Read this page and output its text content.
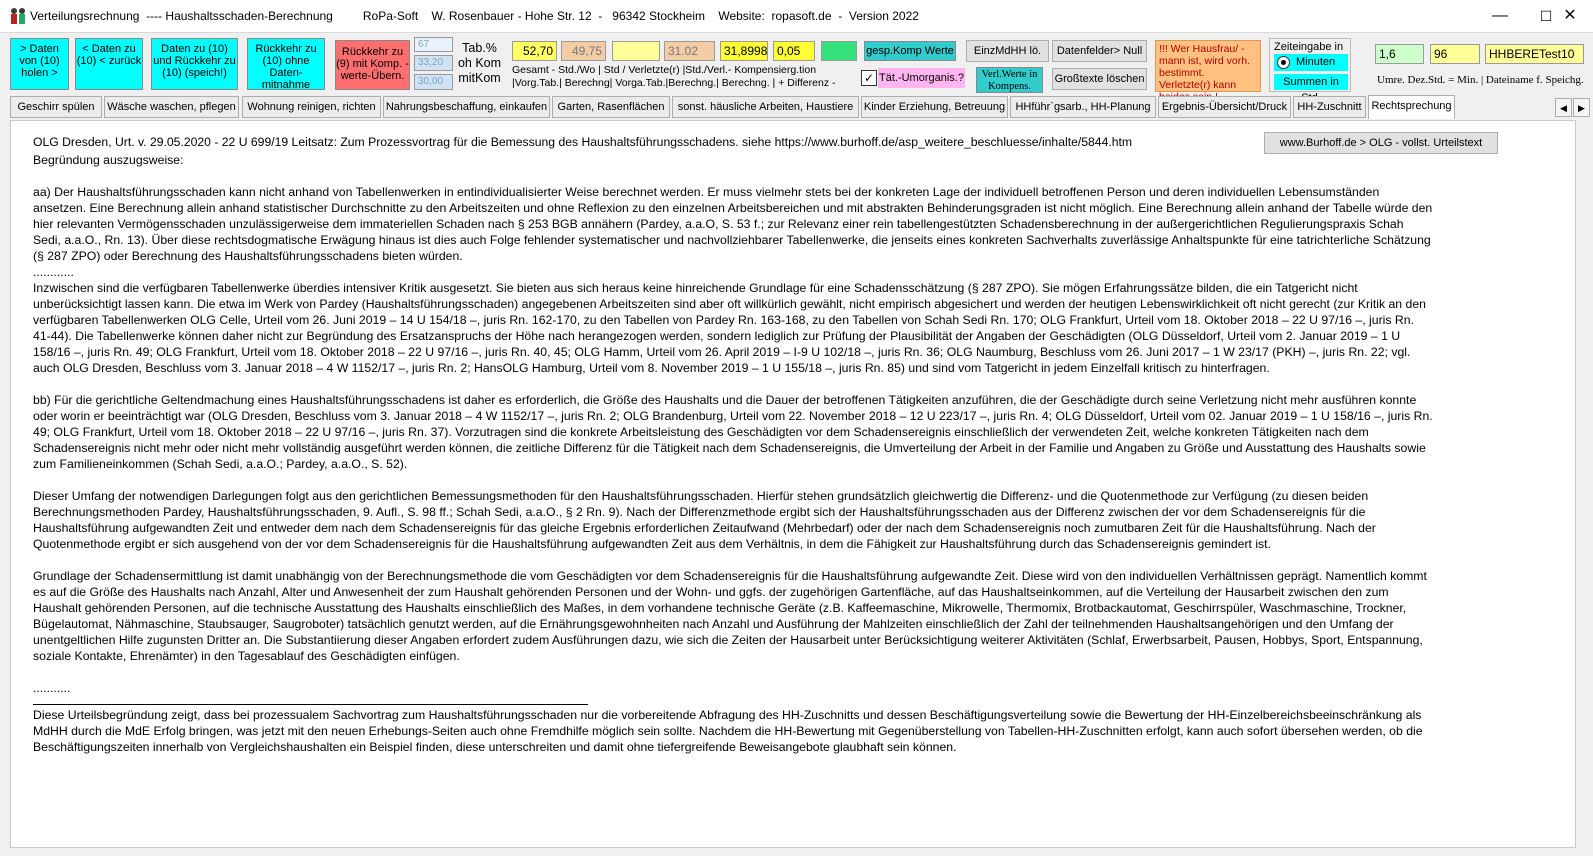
Verteilungsrechnung  ---- Haushaltsschaden-Berechnung         RoPa-Soft    W. Rosenbauer - Hohe Str. 12  -   96342 Stockheim    Website:  ropasoft.de  -  Version 2022	—	☐ ✕
> Daten von (10) holen >
< Daten zu (10) < zurück
Daten zu (10) und Rückkehr zu (10) (speich!)
Rückkehr zu (10) ohne Daten-mitnahme
Rückkehr zu (9) mit Komp. -werte-Übern.
67
33,20
30,00
Tab.% oh Kom mitKom
52,70	49,75	31.02	31,8998 0,05
Gesamt - Std./Wo | Std / Verletzte(r) |Std./Verl.- Kompensierg.tion
|Vorg.Tab.| Berechng| Vorga.Tab.|Berechng.| Berechng. | + Differenz -
gesp.Komp Werte
✓ Tät.-Umorganis.?
EinzMdHH lö.
Verl.Werte in Kompens.
Datenfelder> Null
Großtexte löschen
!!! Wer Hausfrau/ -mann ist, wird vorh. bestimmt. Verletzte(r) kann
Zeiteingabe in
Minuten
Summen in
1,6	96	HHBERETest10
Umre. Dez.Std. = Min. | Dateiname f. Speichg.
Geschirr spülen	Wäsche waschen, pflegen	Wohnung reinigen, richten Nahrungsbeschaffung, einkaufen Garten, Rasenflächen	sonst. häusliche Arbeiten, Haustiere Kinder Erziehung, Betreuung HHführ`gsarb., HH-Planung	Ergebnis-Übersicht/Druck HH-Zuschnitt Rechtsprechung	◀	▶
OLG Dresden, Urt. v. 29.05.2020 - 22 U 699/19 Leitsatz: Zum Prozessvortrag für die Bemessung des Haushaltsführungsschadens. siehe https://www.burhoff.de/asp_weitere_beschluesse/inhalte/5844.htm	www.Burhoff.de > OLG - vollst. Urteilstext

Begründung auszugsweise:

aa) Der Haushaltsführungsschaden kann nicht anhand von Tabellenwerken in entindividualisierter Weise berechnet werden. Er muss vielmehr stets bei der konkreten Lage der individuell betroffenen Person und deren individuellen Lebensumständen ansetzen. Eine Berechnung allein anhand statistischer Durchschnitte zu den Arbeitszeiten und ohne Reflexion zu den einzelnen Arbeitsbereichen und mit abstrakten Behinderungsgraden ist nicht möglich. Eine Berechnung allein anhand der Tabelle würde den hier relevanten Vermögensschaden unzulässigerweise dem immateriellen Schaden nach § 253 BGB annähern (Pardey, a.a.O, S. 53 f.; zur Relevanz einer rein tabellengestützten Schadensberechnung in der außergerichtlichen Regulierungspraxis Schah Sedi, a.a.O., Rn. 13). Über diese rechtsdogmatische Erwägung hinaus ist dies auch Folge fehlender systematischer und nachvollziehbarer Tabellenwerke, die jenseits eines konkreten Sachverhalts zuverlässige Anhaltspunkte für eine tatrichterliche Schätzung (§ 287 ZPO) oder Berechnung des Haushaltsführungsschadens bieten würden.

............

Inzwischen sind die verfügbaren Tabellenwerke überdies intensiver Kritik ausgesetzt. Sie bieten aus sich heraus keine hinreichende Grundlage für eine Schadensschätzung (§ 287 ZPO). Sie mögen Erfahrungssätze bilden, die ein Tatgericht nicht unberücksichtigt lassen kann. Die etwa im Werk von Pardey (Haushaltsführungsschaden) angegebenen Arbeitszeiten sind aber oft willkürlich gewählt, nicht empirisch abgesichert und werden der heutigen Lebenswirklichkeit oft nicht gerecht (zur Kritik an den verfügbaren Tabellenwerken OLG Celle, Urteil vom 26. Juni 2019 – 14 U 154/18 –, juris Rn. 162-170, zu den Tabellen von Pardey Rn. 163-168, zu den Tabellen von Schah Sedi Rn. 170; OLG Frankfurt, Urteil vom 18. Oktober 2018 – 22 U 97/16 –, juris Rn. 41-44). Die Tabellenwerke können daher nicht zur Begründung des Ersatzanspruchs der Höhe nach herangezogen werden, sondern lediglich zur Prüfung der Plausibilität der Angaben der Geschädigten (OLG Düsseldorf, Urteil vom 2. Januar 2019 – 1 U 158/16 –, juris Rn. 49; OLG Frankfurt, Urteil vom 18. Oktober 2018 – 22 U 97/16 –, juris Rn. 40, 45; OLG Hamm, Urteil vom 26. April 2019 – I-9 U 102/18 –, juris Rn. 36; OLG Naumburg, Beschluss vom 26. Juni 2017 – 1 W 23/17 (PKH) –, juris Rn. 22; vgl. auch OLG Dresden, Beschluss vom 3. Januar 2018 – 4 W 1152/17 –, juris Rn. 2; HansOLG Hamburg, Urteil vom 8. November 2019 – 1 U 155/18 –, juris Rn. 85) und sind vom Tatgericht in jedem Einzelfall kritisch zu hinterfragen.

bb) Für die gerichtliche Geltendmachung eines Haushaltsführungsschadens ist daher es erforderlich, die Größe des Haushalts und die Dauer der betroffenen Tätigkeiten anzuführen, die der Geschädigte durch seine Verletzung nicht mehr ausführen konnte oder worin er beeinträchtigt war (OLG Dresden, Beschluss vom 3. Januar 2018 – 4 W 1152/17 –, juris Rn. 2; OLG Brandenburg, Urteil vom 22. November 2018 – 12 U 223/17 –, juris Rn. 4; OLG Düsseldorf, Urteil vom 02. Januar 2019 – 1 U 158/16 –, juris Rn. 49; OLG Frankfurt, Urteil vom 18. Oktober 2018 – 22 U 97/16 –, juris Rn. 37). Vorzutragen sind die konkrete Arbeitsleistung des Geschädigten vor dem Schadensereignis einschließlich der verwendeten Zeit, welche konkreten Tätigkeiten nach dem Schadensereignis nicht mehr oder nicht mehr vollständig ausgeführt werden können, die zeitliche Differenz für die Tätigkeit nach dem Schadensereignis, die Umverteilung der Arbeit in der Familie und Angaben zu Größe und Ausstattung des Haushalts sowie zum Familieneinkommen (Schah Sedi, a.a.O.; Pardey, a.a.O., S. 52).

Dieser Umfang der notwendigen Darlegungen folgt aus den gerichtlichen Bemessungsmethoden für den Haushaltsführungsschaden. Hierfür stehen grundsätzlich gleichwertig die Differenz- und die Quotenmethode zur Verfügung (zu diesen beiden Berechnungsmethoden Pardey, Haushaltsführungsschaden, 9. Aufl., S. 98 ff.; Schah Sedi, a.a.O., § 2 Rn. 9). Nach der Differenzmethode ergibt sich der Haushaltsführungsschaden aus der Differenz zwischen der vor dem Schadensereignis für die Haushaltsführung aufgewandten Zeit und entweder dem nach dem Schadensereignis für das gleiche Ergebnis erforderlichen Zeitaufwand (Mehrbedarf) oder der nach dem Schadensereignis noch zumutbaren Zeit für die Haushaltsführung. Nach der Quotenmethode ergibt er sich ausgehend von der vor dem Schadensereignis für die Haushaltsführung aufgewandten Zeit aus dem Verhältnis, in dem die Fähigkeit zur Haushaltsführung durch das Schadensereignis gemindert ist.

Grundlage der Schadensermittlung ist damit unabhängig von der Berechnungsmethode die vom Geschädigten vor dem Schadensereignis für die Haushaltsführung aufgewandte Zeit. Diese wird von den individuellen Verhältnissen geprägt. Namentlich kommt es auf die Größe des Haushalts nach Anzahl, Alter und Anwesenheit der zum Haushalt gehörenden Personen und der Wohn- und ggfs. der zugehörigen Gartenfläche, auf das Haushaltseinkommen, auf die Verteilung der Hausarbeit zwischen den zum Haushalt gehörenden Personen, auf die technische Ausstattung des Haushalts einschließlich des Maßes, in dem vorhandene technische Geräte (z.B. Kaffeemaschine, Mikrowelle, Thermomix, Brotbackautomat, Geschirrspüler, Waschmaschine, Trockner, Bügelautomat, Nähmaschine, Staubsauger, Saugroboter) tatsächlich genutzt werden, auf die Ernährungsgewohnheiten nach Anzahl und Ausführung der Mahlzeiten einschließlich der Zahl der teilnehmenden Haushaltsangehörigen und den Umfang der unentgeltlichen Hilfe zugunsten Dritter an. Die Substantiierung dieser Angaben erfordert zudem Ausführungen dazu, wie sich die Zeiten der Hausarbeit unter Berücksichtigung weiterer Aktivitäten (Schlaf, Erwerbsarbeit, Pausen, Hobbys, Sport, Entspannung, soziale Kontakte, Ehrenämter) in den Tagesablauf des Geschädigten einfügen.

...........

Diese Urteilsbegründung zeigt, dass bei prozessualem Sachvortrag zum Haushaltsführungsschaden nur die vorbereitende Abfragung des HH-Zuschnitts und dessen Beschäftigungsverteilung sowie die Bewertung der HH-Einzelbereichsbeeinschränkung als MdHH durch die MdE Erfolg bringen, was jetzt mit den neuen Erhebungs-Seiten auch ohne Fremdhilfe möglich sein sollte. Nachdem die HH-Bewertung mit Gegenüberstellung von Tabellen-HH-Zuschnitten erfolgt, kann auch sofort übersehen werden, ob die Beschäftigungszeiten innerhalb von Vergleichshaushalten ein Beispiel finden, diese unterschreiten und damit ohne tiefergreifende Beweisangebote glaubhaft sein können.
